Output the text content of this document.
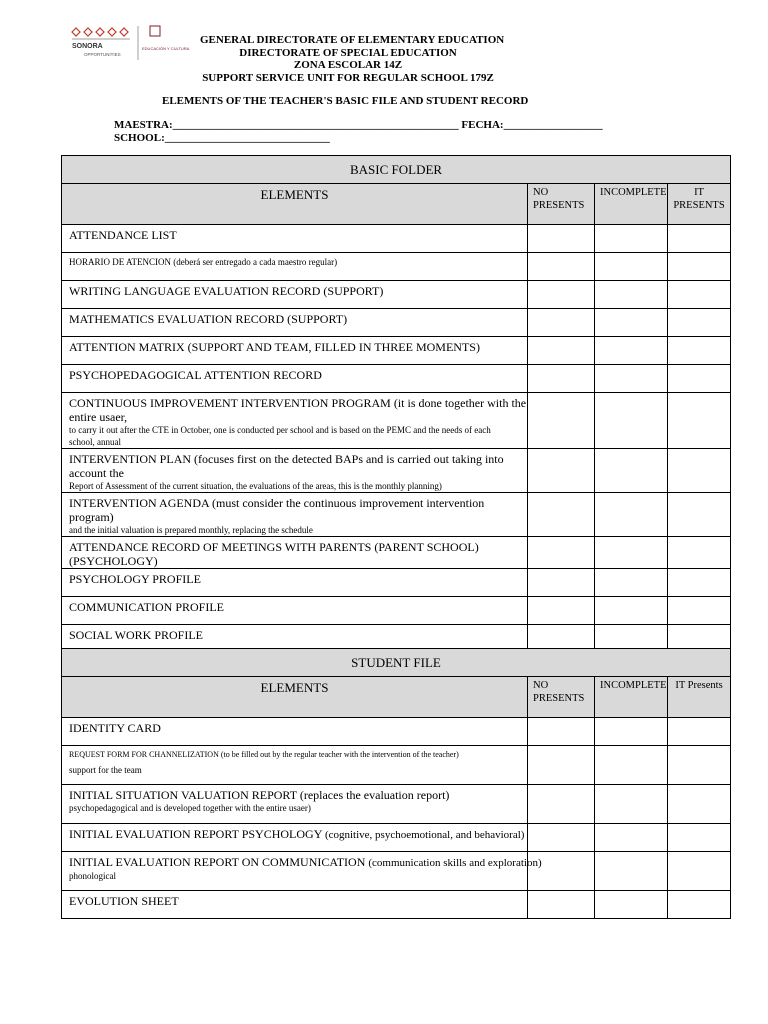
SONORA
OPPORTUNITIES
EDUCACIÓN Y CULTURA
GENERAL DIRECTORATE OF ELEMENTARY EDUCATION
DIRECTORATE OF SPECIAL EDUCATION
ZONA ESCOLAR 14Z
SUPPORT SERVICE UNIT FOR REGULAR SCHOOL 179Z
ELEMENTS OF THE TEACHER'S BASIC FILE AND STUDENT RECORD
MAESTRA:____________________________________________________ FECHA:__________________
SCHOOL:______________________________
BASIC FOLDER			
ELEMENTS	NO PRESENTS	INCOMPLETE	IT PRESENTS
ATTENDANCE LIST			

HORARIO DE ATENCION (deberá ser entregado a cada maestro regular)			

WRITING LANGUAGE EVALUATION RECORD (SUPPORT)			
MATHEMATICS EVALUATION RECORD (SUPPORT)			
ATTENTION MATRIX (SUPPORT AND TEAM, FILLED IN THREE MOMENTS)			
PSYCHOPEDAGOGICAL ATTENTION RECORD			
CONTINUOUS IMPROVEMENT INTERVENTION PROGRAM (it is done together with the entire usaer,
to carry it out after the CTE in October, one is conducted per school and is based on the PEMC and the needs of each school, annual			

INTERVENTION PLAN (focuses first on the detected BAPs and is carried out taking into account the
Report of Assessment of the current situation, the evaluations of the areas, this is the monthly planning)			

INTERVENTION AGENDA (must consider the continuous improvement intervention program)
and the initial valuation is prepared monthly, replacing the schedule			

ATTENDANCE RECORD OF MEETINGS WITH PARENTS (PARENT SCHOOL) (PSYCHOLOGY)			
PSYCHOLOGY PROFILE			
COMMUNICATION PROFILE			
SOCIAL WORK PROFILE			
STUDENT FILE			
ELEMENTS	NO PRESENTS	INCOMPLETE	IT Presents
IDENTITY CARD			

REQUEST FORM FOR CHANNELIZATION (to be filled out by the regular teacher with the intervention of the teacher)
support for the team			

INITIAL SITUATION VALUATION REPORT (replaces the evaluation report)
psychopedagogical and is developed together with the entire usaer)			

INITIAL EVALUATION REPORT PSYCHOLOGY (cognitive, psychoemotional, and behavioral)			
INITIAL EVALUATION REPORT ON COMMUNICATION (communication skills and exploration)
phonological			

EVOLUTION SHEET			
